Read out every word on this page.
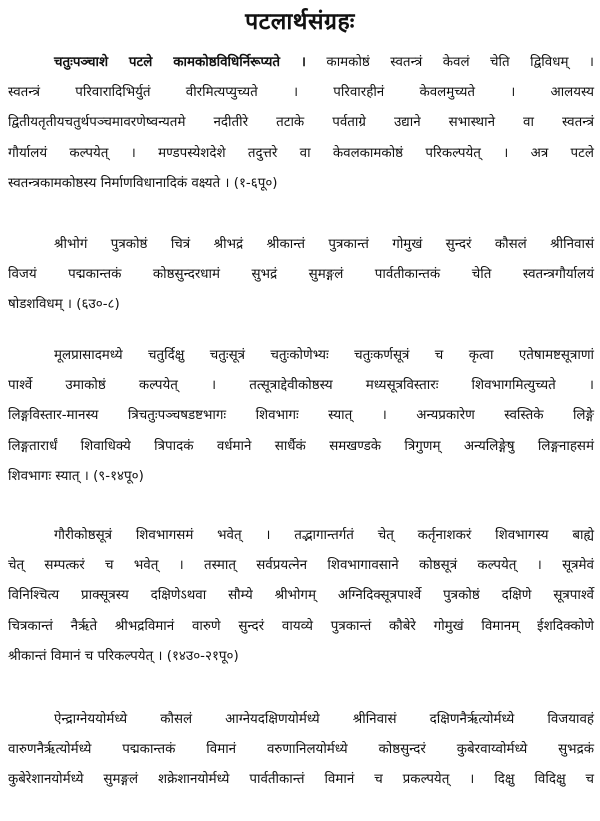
पटलार्थसंग्रहः
चतुःपञ्चाशे पटले कामकोष्ठविधिर्निरूप्यते । कामकोष्ठं स्वतन्त्रं केवलं चेति द्विविधम् ।
स्वतन्त्रं परिवारादिभिर्युतं वीरमित्यप्युच्यते । परिवारहीनं केवलमुच्यते । आलयस्य
द्वितीयतृतीयचतुर्थपञ्चमावरणेष्वन्यतमे नदीतीरे तटाके पर्वताग्रे उद्याने सभास्थाने वा स्वतन्त्रं
गौर्यालयं कल्पयेत् । मण्डपस्येशदेशे तदुत्तरे वा केवलकामकोष्ठं परिकल्पयेत् । अत्र पटले
स्वतन्त्रकामकोष्ठस्य निर्माणविधानादिकं वक्ष्यते । (१-६पू०)
श्रीभोगं पुत्रकोष्ठं चित्रं श्रीभद्रं श्रीकान्तं पुत्रकान्तं गोमुखं सुन्दरं कौसलं श्रीनिवासं
विजयं पद्मकान्तकं कोष्ठसुन्दरधामं सुभद्रं सुमङ्गलं पार्वतीकान्तकं चेति स्वतन्त्रगौर्यालयं
षोडशविधम् । (६उ०-८)
मूलप्रासादमध्ये चतुर्दिक्षु चतुःसूत्रं चतुःकोणेभ्यः चतुःकर्णसूत्रं च कृत्वा एतेषामष्टसूत्राणां
पार्श्वे उमाकोष्ठं कल्पयेत् । तत्सूत्राद्देवीकोष्ठस्य मध्यसूत्रविस्तारः शिवभागमित्युच्यते ।
लिङ्गविस्तार-मानस्य त्रिचतुःपञ्चषडष्टभागः शिवभागः स्यात् । अन्यप्रकारेण स्वस्तिके लिङ्गे
लिङ्गतारार्धं शिवाधिक्ये त्रिपादकं वर्धमाने सार्धैकं समखण्डके त्रिगुणम् अन्यलिङ्गेषु लिङ्गनाहसमं
शिवभागः स्यात् । (९-१४पू०)
गौरीकोष्ठसूत्रं शिवभागसमं भवेत् । तद्भागान्तर्गतं चेत् कर्तृनाशकरं शिवभागस्य बाह्ये
चेत् सम्पत्करं च भवेत् । तस्मात् सर्वप्रयत्नेन शिवभागावसाने कोष्ठसूत्रं कल्पयेत् । सूत्रमेवं
विनिश्चित्य प्राक्सूत्रस्य दक्षिणेऽथवा सौम्ये श्रीभोगम् अग्निदिक्सूत्रपार्श्वे पुत्रकोष्ठं दक्षिणे सूत्रपार्श्वे
चित्रकान्तं नैर्ऋते श्रीभद्रविमानं वारुणे सुन्दरं वायव्ये पुत्रकान्तं कौबेरे गोमुखं विमानम् ईशदिक्कोणे
श्रीकान्तं विमानं च परिकल्पयेत् । (१४उ०-२१पू०)
ऐन्द्राग्नेययोर्मध्ये कौसलं आग्नेयदक्षिणयोर्मध्ये श्रीनिवासं दक्षिणनैर्ऋत्योर्मध्ये विजयावहं
वारुणनैर्ऋत्योर्मध्ये पद्मकान्तकं विमानं वरुणानिलयोर्मध्ये कोष्ठसुन्दरं कुबेरवाय्वोर्मध्ये सुभद्रकं
कुबेरेशानयोर्मध्ये सुमङ्गलं शक्रेशानयोर्मध्ये पार्वतीकान्तं विमानं च प्रकल्पयेत् । दिक्षु विदिक्षु च
